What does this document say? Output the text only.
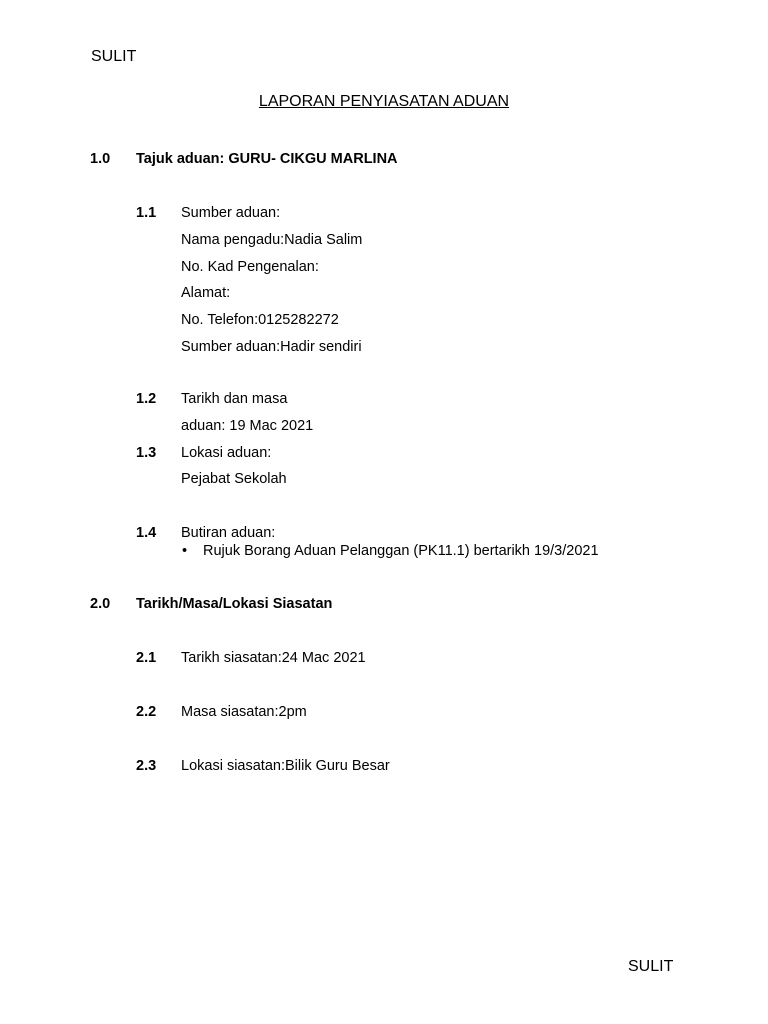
SULIT
LAPORAN PENYIASATAN ADUAN
1.0 Tajuk aduan: GURU- CIKGU MARLINA
1.1 Sumber aduan:
Nama pengadu:Nadia Salim
No. Kad Pengenalan:
Alamat:
No. Telefon:0125282272
Sumber aduan:Hadir sendiri
1.2 Tarikh dan masa
aduan: 19 Mac 2021
1.3 Lokasi aduan:
Pejabat Sekolah
1.4 Butiran aduan:
• Rujuk Borang Aduan Pelanggan (PK11.1) bertarikh 19/3/2021
2.0 Tarikh/Masa/Lokasi Siasatan
2.1 Tarikh siasatan:24 Mac 2021
2.2 Masa siasatan:2pm
2.3 Lokasi siasatan:Bilik Guru Besar
SULIT
